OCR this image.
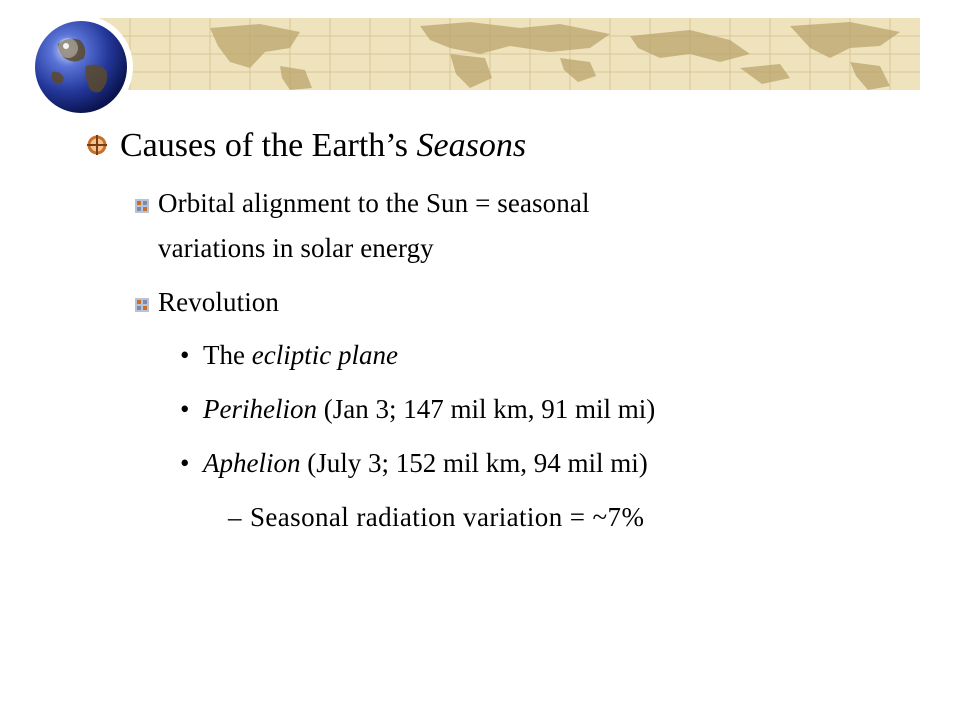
Causes of the Earth’s Seasons
Orbital alignment to the Sun = seasonal
variations in solar energy
Revolution
• The ecliptic plane
• Perihelion (Jan 3; 147 mil km, 91 mil mi)
• Aphelion (July 3; 152 mil km, 94 mil mi)
– Seasonal radiation variation = ~7%
